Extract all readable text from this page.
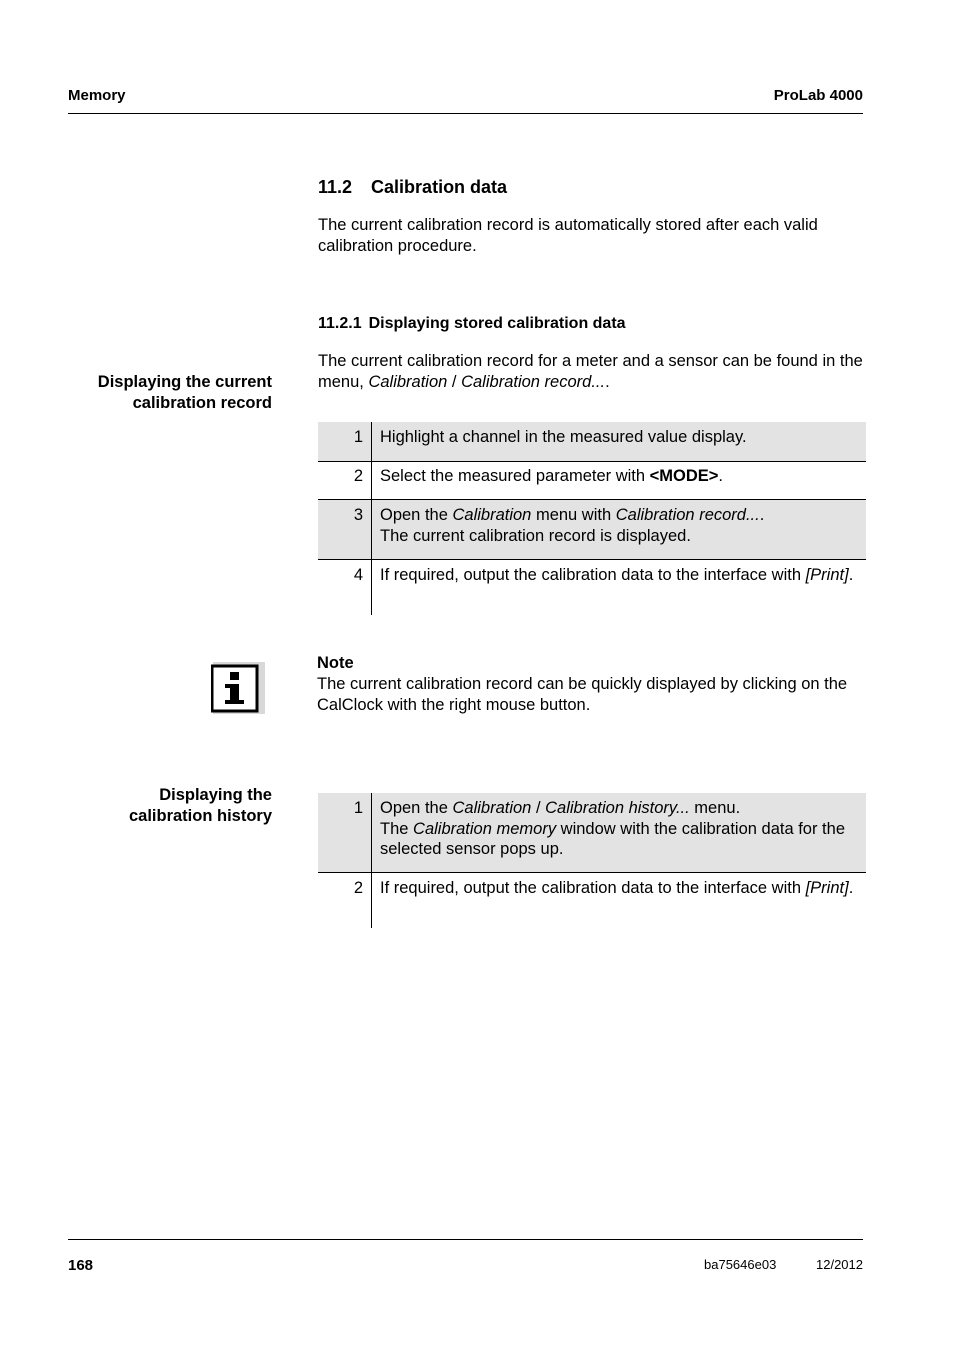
Memory	ProLab 4000
11.2 Calibration data
The current calibration record is automatically stored after each valid calibration procedure.
11.2.1 Displaying stored calibration data
Displaying the current
calibration record
The current calibration record for a meter and a sensor can be found in the menu, Calibration / Calibration record....
1	Highlight a channel in the measured value display.
2	Select the measured parameter with <MODE>.
3	Open the Calibration menu with Calibration record....
The current calibration record is displayed.
4	If required, output the calibration data to the interface with [Print].
Note
The current calibration record can be quickly displayed by clicking on the CalClock with the right mouse button.
Displaying the
calibration history	1	Open the Calibration / Calibration history... menu.
The Calibration memory window with the calibration data for the selected sensor pops up.
2	If required, output the calibration data to the interface with [Print].
168	ba75646e03	12/2012
